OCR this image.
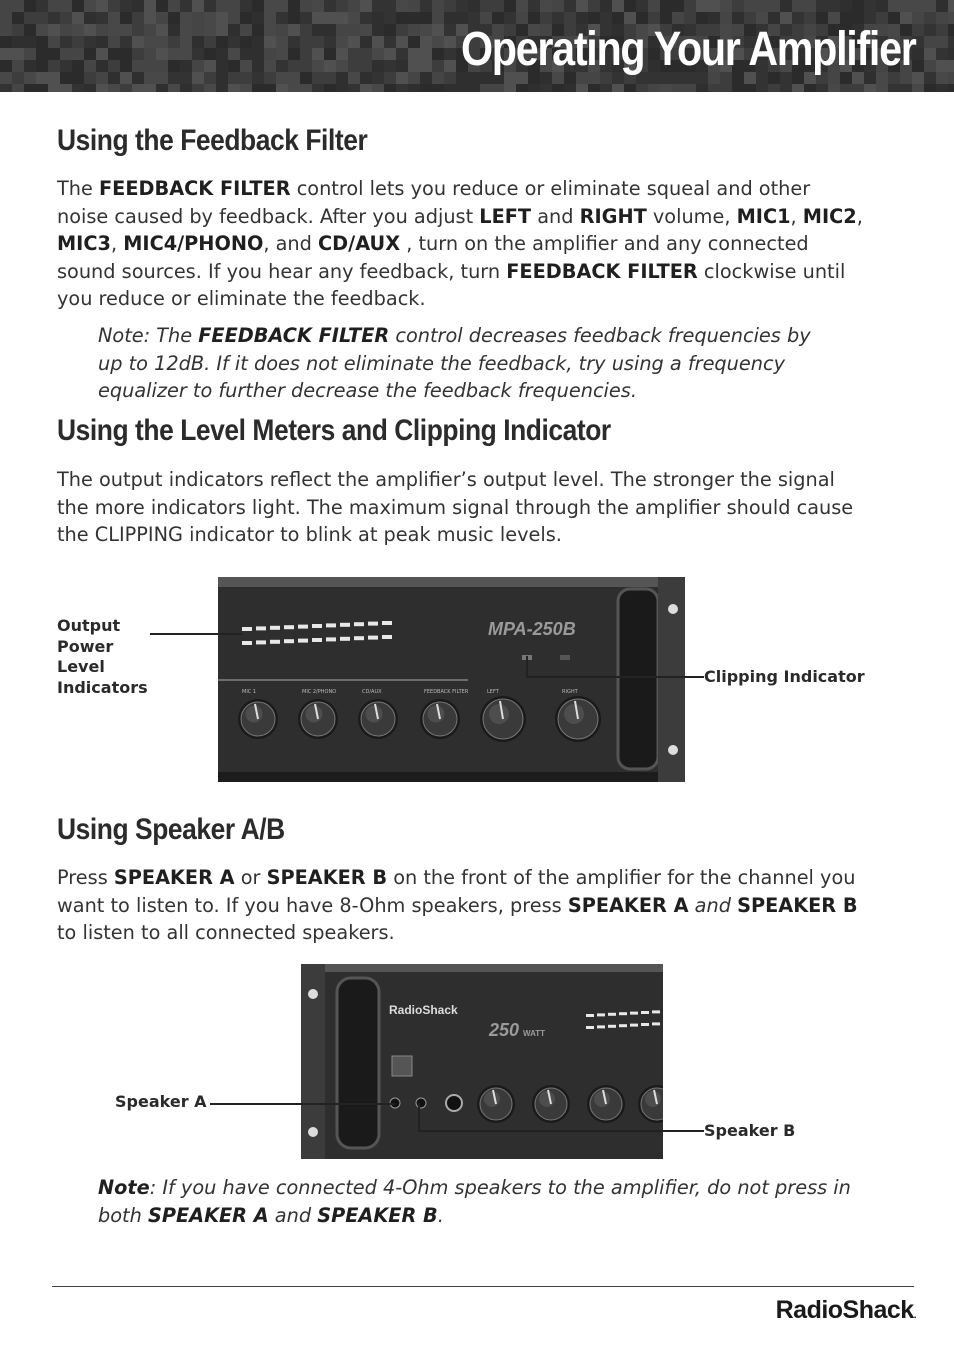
Operating Your Amplifier
Using the Feedback Filter

The FEEDBACK FILTER control lets you reduce or eliminate squeal and other noise caused by feedback. After you adjust LEFT and RIGHT volume, MIC1, MIC2, MIC3, MIC4/PHONO, and CD/AUX , turn on the amplifier and any connected sound sources. If you hear any feedback, turn FEEDBACK FILTER clockwise until you reduce or eliminate the feedback.

Note: The FEEDBACK FILTER control decreases feedback frequencies by up to 12dB. If it does not eliminate the feedback, try using a frequency equalizer to further decrease the feedback frequencies.

Using the Level Meters and Clipping Indicator

The output indicators reflect the amplifier’s output level. The stronger the signal the more indicators light. The maximum signal through the amplifier should cause the CLIPPING indicator to blink at peak music levels.

MPA-250B
MIC 1	MIC 2/PHONO	CD/AUX	FEEDBACK FILTER	LEFT	RIGHT
Output
Power
Level
Indicators
Clipping Indicator
Using Speaker A/B

Press SPEAKER A or SPEAKER B on the front of the amplifier for the channel you want to listen to. If you have 8-Ohm speakers, press SPEAKER A and SPEAKER B to listen to all connected speakers.

RadioShack
250 WATT
Speaker A
Speaker B

Note: If you have connected 4-Ohm speakers to the amplifier, do not press in both SPEAKER A and SPEAKER B.

RadioShack.
